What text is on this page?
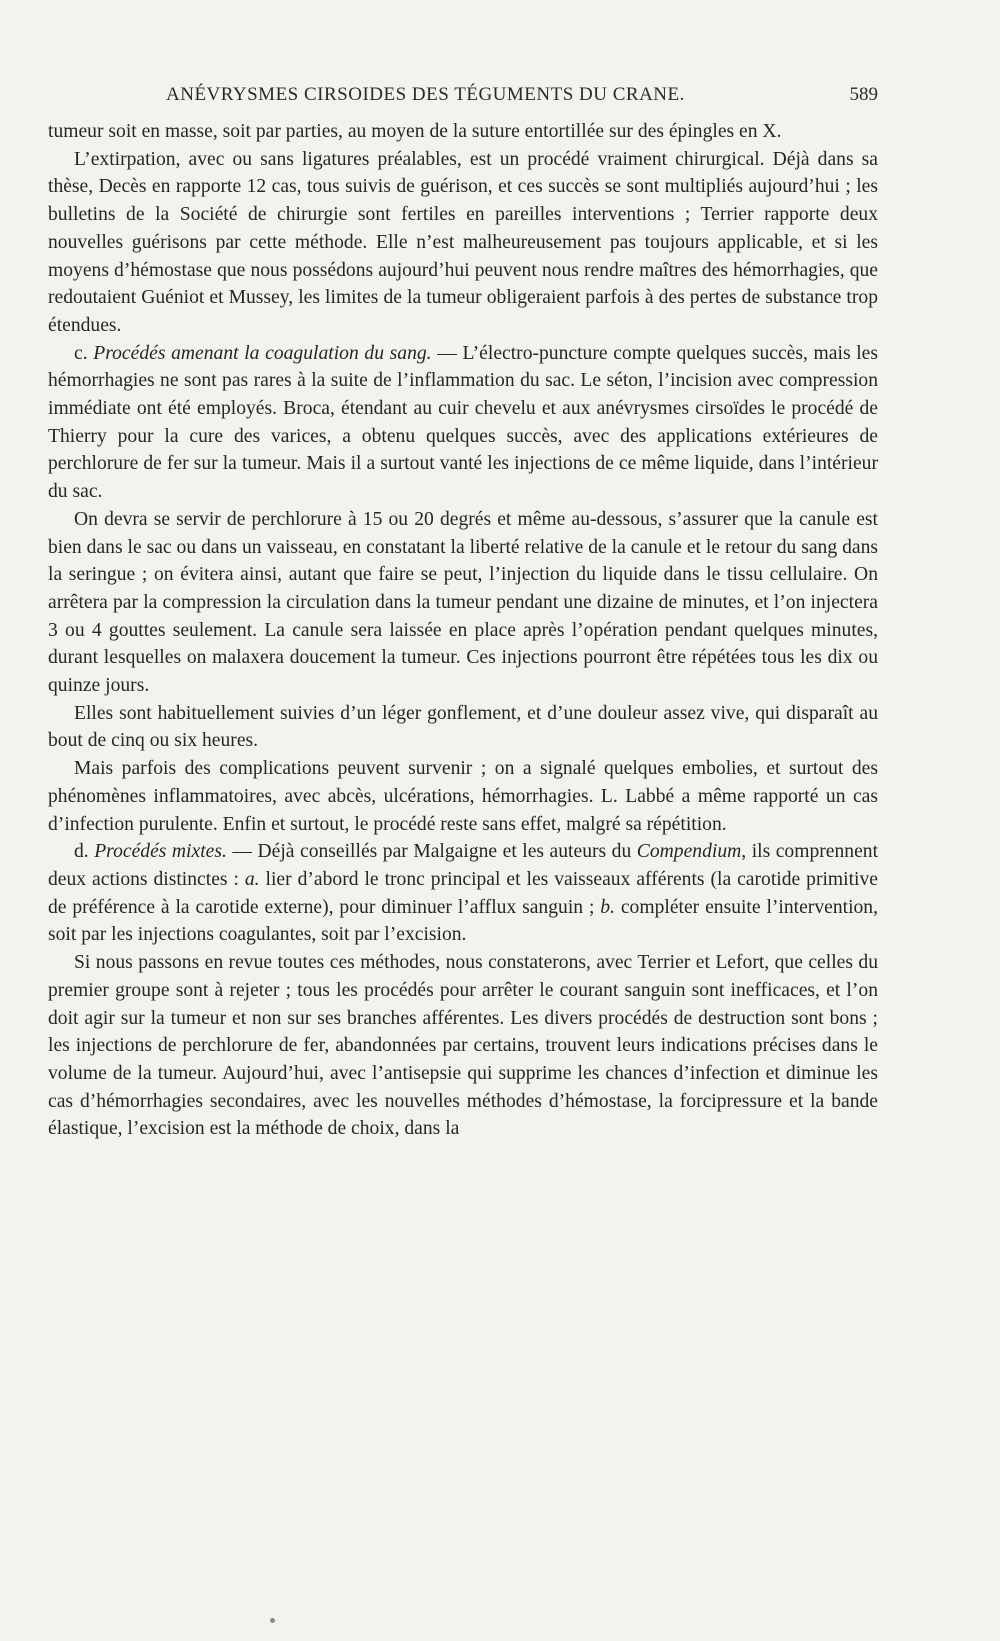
ANÉVRYSMES CIRSOIDES DES TÉGUMENTS DU CRANE.	589

tumeur soit en masse, soit par parties, au moyen de la suture entortillée sur des épingles en X.

L’extirpation, avec ou sans ligatures préalables, est un procédé vraiment chirurgical. Déjà dans sa thèse, Decès en rapporte 12 cas, tous suivis de guérison, et ces succès se sont multipliés aujourd’hui ; les bulletins de la Société de chirurgie sont fertiles en pareilles interventions ; Terrier rapporte deux nouvelles guérisons par cette méthode. Elle n’est malheureusement pas toujours applicable, et si les moyens d’hémostase que nous possédons aujourd’hui peuvent nous rendre maîtres des hémorrhagies, que redoutaient Guéniot et Mussey, les limites de la tumeur obligeraient parfois à des pertes de substance trop étendues.

c. Procédés amenant la coagulation du sang. — L’électro-puncture compte quelques succès, mais les hémorrhagies ne sont pas rares à la suite de l’inflammation du sac. Le séton, l’incision avec compression immédiate ont été employés. Broca, étendant au cuir chevelu et aux anévrysmes cirsoïdes le procédé de Thierry pour la cure des varices, a obtenu quelques succès, avec des applications extérieures de perchlorure de fer sur la tumeur. Mais il a surtout vanté les injections de ce même liquide, dans l’intérieur du sac.

On devra se servir de perchlorure à 15 ou 20 degrés et même au-dessous, s’assurer que la canule est bien dans le sac ou dans un vaisseau, en constatant la liberté relative de la canule et le retour du sang dans la seringue ; on évitera ainsi, autant que faire se peut, l’injection du liquide dans le tissu cellulaire. On arrêtera par la compression la circulation dans la tumeur pendant une dizaine de minutes, et l’on injectera 3 ou 4 gouttes seulement. La canule sera laissée en place après l’opération pendant quelques minutes, durant lesquelles on malaxera doucement la tumeur. Ces injections pourront être répétées tous les dix ou quinze jours.

Elles sont habituellement suivies d’un léger gonflement, et d’une douleur assez vive, qui disparaît au bout de cinq ou six heures.

Mais parfois des complications peuvent survenir ; on a signalé quelques embolies, et surtout des phénomènes inflammatoires, avec abcès, ulcérations, hémorrhagies. L. Labbé a même rapporté un cas d’infection purulente. Enfin et surtout, le procédé reste sans effet, malgré sa répétition.

d. Procédés mixtes. — Déjà conseillés par Malgaigne et les auteurs du Compendium, ils comprennent deux actions distinctes : a. lier d’abord le tronc principal et les vaisseaux afférents (la carotide primitive de préférence à la carotide externe), pour diminuer l’afflux sanguin ; b. compléter ensuite l’intervention, soit par les injections coagulantes, soit par l’excision.

Si nous passons en revue toutes ces méthodes, nous constaterons, avec Terrier et Lefort, que celles du premier groupe sont à rejeter ; tous les procédés pour arrêter le courant sanguin sont inefficaces, et l’on doit agir sur la tumeur et non sur ses branches afférentes. Les divers procédés de destruction sont bons ; les injections de perchlorure de fer, abandonnées par certains, trouvent leurs indications précises dans le volume de la tumeur. Aujourd’hui, avec l’antisepsie qui supprime les chances d’infection et diminue les cas d’hémorrhagies secondaires, avec les nouvelles méthodes d’hémostase, la forcipressure et la bande élastique, l’excision est la méthode de choix, dans la
